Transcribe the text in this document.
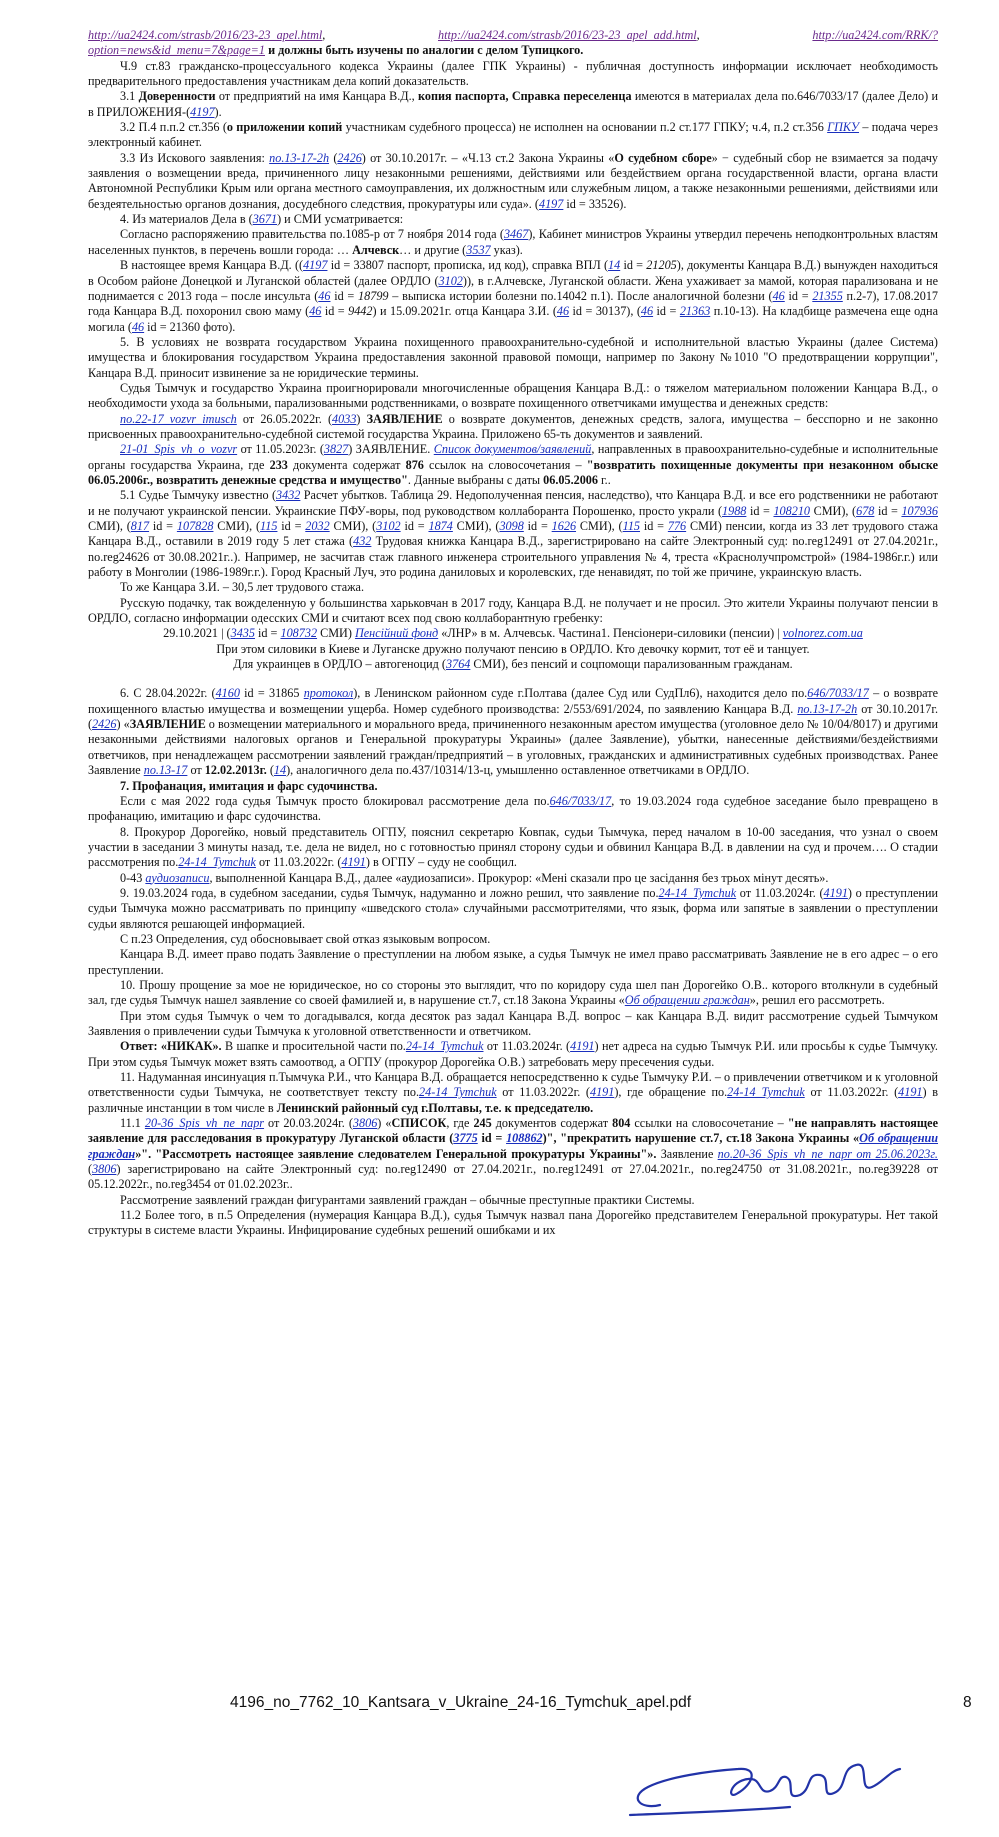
http://ua2424.com/strasb/2016/23-23_apel.html,           http://ua2424.com/strasb/2016/23-23_apel_add.html,           http://ua2424.com/RRK/?option=news&id_menu=7&page=1 и должны быть изучены по аналогии с делом Тупицкого.

Ч.9 ст.83 гражданско-процессуального кодекса Украины (далее ГПК Украины) - публичная доступность информации исключает необходимость предварительного предоставления участникам дела копий доказательств.

3.1 Доверенности от предприятий на имя Канцара В.Д., копия паспорта, Справка переселенца имеются в материалах дела по.646/7033/17 (далее Дело) и в ПРИЛОЖЕНИЯ-(4197).

3.2 П.4 п.п.2 ст.356 (о приложении копий участникам судебного процесса) не исполнен на основании п.2 ст.177 ГПКУ; ч.4, п.2 ст.356 ГПКУ – подача через электронный кабинет.

3.3 Из Искового заявления: по.13-17-2h (2426) от 30.10.2017г. – «Ч.13 ст.2 Закона Украины «О судебном сборе» − судебный сбор не взимается за подачу заявления о возмещении вреда, причиненного лицу незаконными решениями, действиями или бездействием органа государственной власти, органа власти Автономной Республики Крым или органа местного самоуправления, их должностным или служебным лицом, а также незаконными решениями, действиями или бездеятельностью органов дознания, досудебного следствия, прокуратуры или суда». (4197 id = 33526).

4. Из материалов Дела в (3671) и СМИ усматривается:

Согласно распоряжению правительства по.1085-р от 7 ноября 2014 года (3467), Кабинет министров Украины утвердил перечень неподконтрольных властям населенных пунктов, в перечень вошли города: … Алчевск… и другие (3537 указ).

В настоящее время Канцара В.Д. ((4197 id = 33807 паспорт, прописка, ид код), справка ВПЛ (14 id = 21205), документы Канцара В.Д.) вынужден находиться в Особом районе Донецкой и Луганской областей (далее ОРДЛО (3102)), в г.Алчевске, Луганской области. Жена ухаживает за мамой, которая парализована и не поднимается с 2013 года – после инсульта (46 id = 18799 – выписка истории болезни по.14042 п.1). После аналогичной болезни (46 id = 21355 п.2-7), 17.08.2017 года Канцара В.Д. похоронил свою маму (46 id = 9442) и 15.09.2021г. отца Канцара З.И. (46 id = 30137), (46 id = 21363 п.10-13). На кладбище размечена еще одна могила (46 id = 21360 фото).

5. В условиях не возврата государством Украина похищенного правоохранительно-судебной и исполнительной властью Украины (далее Система) имущества и блокирования государством Украина предоставления законной правовой помощи, например по Закону №1010 "О предотвращении коррупции", Канцара В.Д. приносит извинение за не юридические термины.

Судья Тымчук и государство Украина проигнорировали многочисленные обращения Канцара В.Д.: о тяжелом материальном положении Канцара В.Д., о необходимости ухода за больными, парализованными родственниками, о возврате похищенного ответчиками имущества и денежных средств:

no.22-17_vozvr_imusch от 26.05.2022г. (4033) ЗАЯВЛЕНИЕ о возврате документов, денежных средств, залога, имущества – бесспорно и не законно присвоенных правоохранительно-судебной системой государства Украина. Приложено 65-ть документов и заявлений.

21-01_Spis_vh_o_vozvr от 11.05.2023г. (3827) ЗАЯВЛЕНИЕ. Список документов/заявлений, направленных в правоохранительно-судебные и исполнительные органы государства Украина, где 233 документа содержат 876 ссылок на словосочетания – "возвратить похищенные документы при незаконном обыске 06.05.2006г., возвратить денежные средства и имущество". Данные выбраны с даты 06.05.2006 г..

5.1 Судье Тымчуку известно (3432 Расчет убытков. Таблица 29. Недополученная пенсия, наследство), что Канцара В.Д. и все его родственники не работают и не получают украинской пенсии. Украинские ПФУ-воры, под руководством коллаборанта Порошенко, просто украли (1988 id = 108210 СМИ), (678 id = 107936 СМИ), (817 id = 107828 СМИ), (115 id = 2032 СМИ), (3102 id = 1874 СМИ), (3098 id = 1626 СМИ), (115 id = 776 СМИ) пенсии, когда из 33 лет трудового стажа Канцара В.Д., оставили в 2019 году 5 лет стажа (432 Трудовая книжка Канцара В.Д., зарегистрировано на сайте Электронный суд: no.reg12491 от 27.04.2021г., no.reg24626 от 30.08.2021г..). Например, не засчитав стаж главного инженера строительного управления № 4, треста «Краснолучпромстрой» (1984-1986г.г.) или работу в Монголии (1986-1989г.г.). Город Красный Луч, это родина даниловых и королевских, где ненавидят, по той же причине, украинскую власть.

То же Канцара З.И. – 30,5 лет трудового стажа.

Русскую подачку, так вожделенную у большинства харьковчан в 2017 году, Канцара В.Д. не получает и не просил. Это жители Украины получают пенсии в ОРДЛО, согласно информации одесских СМИ и считают всех под свою коллаборантную гребенку:

29.10.2021 | (3435 id = 108732 СМИ) Пенсійний фонд «ЛНР» в м. Алчевськ. Частина1. Пенсіонери-силовики (пенсии) | volnorez.com.ua

При этом силовики в Киеве и Луганске дружно получают пенсию в ОРДЛО. Кто девочку кормит, тот её и танцует.

Для украинцев в ОРДЛО – автогеноцид (3764 СМИ), без пенсий и соцпомощи парализованным гражданам.

6. С 28.04.2022г. (4160 id = 31865 протокол), в Ленинском районном суде г.Полтава (далее Суд или СудПл6), находится дело по.646/7033/17 – о возврате похищенного властью имущества и возмещении ущерба. Номер судебного производства: 2/553/691/2024, по заявлению Канцара В.Д. по.13-17-2h от 30.10.2017г. (2426) «ЗАЯВЛЕНИЕ о возмещении материального и морального вреда, причиненного незаконным арестом имущества (уголовное дело № 10/04/8017) и другими незаконными действиями налоговых органов и Генеральной прокуратуры Украины» (далее Заявление), убытки, нанесенные действиями/бездействиями ответчиков, при ненадлежащем рассмотрении заявлений граждан/предприятий – в уголовных, гражданских и административных судебных производствах. Ранее Заявление по.13-17 от 12.02.2013г. (14), аналогичного дела по.437/10314/13-ц, умышленно оставленное ответчиками в ОРДЛО.

7. Профанация, имитация и фарс судочинства.

Если с мая 2022 года судья Тымчук просто блокировал рассмотрение дела по.646/7033/17, то 19.03.2024 года судебное заседание было превращено в профанацию, имитацию и фарс судочинства.

8. Прокурор Дорогейко, новый представитель ОГПУ, пояснил секретарю Ковпак, судьи Тымчука, перед началом в 10-00 заседания, что узнал о своем участии в заседании 3 минуты назад, т.е. дела не видел, но с готовностью принял сторону судьи и обвинил Канцара В.Д. в давлении на суд и прочем…. О стадии рассмотрения по.24-14_Tymchuk от 11.03.2022г. (4191) в ОГПУ – суду не сообщил.

0-43 аудиозаписи, выполненной Канцара В.Д., далее «аудиозаписи». Прокурор: «Мені сказали про це засідання без трьох мінут десять».

9. 19.03.2024 года, в судебном заседании, судья Тымчук, надуманно и ложно решил, что заявление по.24-14_Tymchuk от 11.03.2024г. (4191) о преступлении судьи Тымчука можно рассматривать по принципу «шведского стола» случайными рассмотрителями, что язык, форма или запятые в заявлении о преступлении судьи являются решающей информацией.

С п.23 Определения, суд обосновывает свой отказ языковым вопросом.

Канцара В.Д. имеет право подать Заявление о преступлении на любом языке, а судья Тымчук не имел право рассматривать Заявление не в его адрес – о его преступлении.

10. Прошу прощение за мое не юридическое, но со стороны это выглядит, что по коридору суда шел пан Дорогейко О.В.. которого втолкнули в судебный зал, где судья Тымчук нашел заявление со своей фамилией и, в нарушение ст.7, ст.18 Закона Украины «Об обращении граждан», решил его рассмотреть.

При этом судья Тымчук о чем то догадывался, когда десяток раз задал Канцара В.Д. вопрос – как Канцара В.Д. видит рассмотрение судьей Тымчуком Заявления о привлечении судьи Тымчука к уголовной ответственности и ответчиком.

Ответ: «НИКАК». В шапке и просительной части по.24-14_Tymchuk от 11.03.2024г. (4191) нет адреса на судью Тымчук Р.И. или просьбы к судье Тымчуку. При этом судья Тымчук может взять самоотвод, а ОГПУ (прокурор Дорогейка О.В.) затребовать меру пресечения судьи.

11. Надуманная инсинуация п.Тымчука Р.И., что Канцара В.Д. обращается непосредственно к судье Тымчуку Р.И. – о привлечении ответчиком и к уголовной ответственности судьи Тымчука, не соответствует тексту по.24-14_Tymchuk от 11.03.2022г. (4191), где обращение по.24-14_Tymchuk от 11.03.2022г. (4191) в различные инстанции в том числе в Ленинский районный суд г.Полтавы, т.е. к председателю.

11.1 20-36_Spis_vh_ne_napr от 20.03.2024г. (3806) «СПИСОК, где 245 документов содержат 804 ссылки на словосочетание – "не направлять настоящее заявление для расследования в прокуратуру Луганской области (3775 id = 108862)", "прекратить нарушение ст.7, ст.18 Закона Украины «Об обращении граждан»". "Рассмотреть настоящее заявление следователем Генеральной прокуратуры Украины"». Заявление no.20-36_Spis_vh_ne_napr от 25.06.2023г. (3806) зарегистрировано на сайте Электронный суд: no.reg12490 от 27.04.2021г., no.reg12491 от 27.04.2021г., no.reg24750 от 31.08.2021г., no.reg39228 от 05.12.2022г., no.reg3454 от 01.02.2023г..

Рассмотрение заявлений граждан фигурантами заявлений граждан – обычные преступные практики Системы.

11.2 Более того, в п.5 Определения (нумерация Канцара В.Д.), судья Тымчук назвал пана Дорогейко представителем Генеральной прокуратуры. Нет такой структуры в системе власти Украины. Инфицирование судебных решений ошибками и их

4196_no_7762_10_Kantsara_v_Ukraine_24-16_Tymchuk_apel.pdf	8
